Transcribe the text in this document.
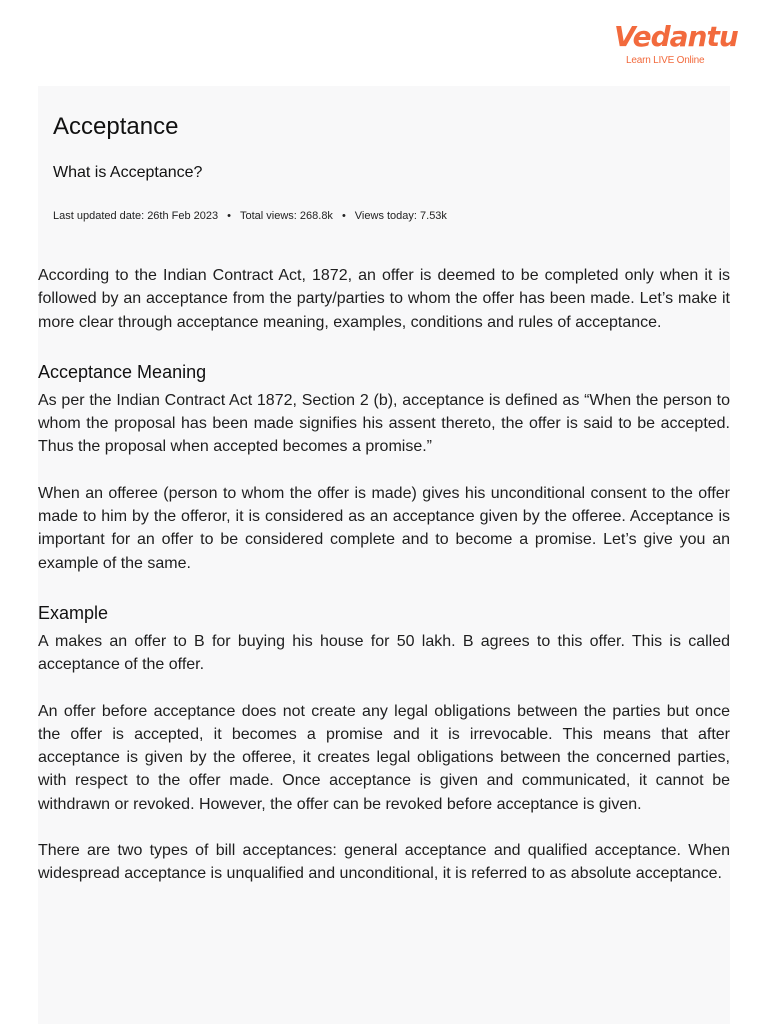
Vedantu
Learn LIVE Online
Acceptance
What is Acceptance?
Last updated date: 26th Feb 2023 • Total views: 268.8k • Views today: 7.53k

According to the Indian Contract Act, 1872, an offer is deemed to be completed only when it is followed by an acceptance from the party/parties to whom the offer has been made. Let’s make it more clear through acceptance meaning, examples, conditions and rules of acceptance.

Acceptance Meaning

As per the Indian Contract Act 1872, Section 2 (b), acceptance is defined as “When the person to whom the proposal has been made signifies his assent thereto, the offer is said to be accepted. Thus the proposal when accepted becomes a promise.”

When an offeree (person to whom the offer is made) gives his unconditional consent to the offer made to him by the offeror, it is considered as an acceptance given by the offeree. Acceptance is important for an offer to be considered complete and to become a promise. Let’s give you an example of the same.

Example

A makes an offer to B for buying his house for 50 lakh. B agrees to this offer. This is called acceptance of the offer.

An offer before acceptance does not create any legal obligations between the parties but once the offer is accepted, it becomes a promise and it is irrevocable. This means that after acceptance is given by the offeree, it creates legal obligations between the concerned parties, with respect to the offer made. Once acceptance is given and communicated, it cannot be withdrawn or revoked. However, the offer can be revoked before acceptance is given.

There are two types of bill acceptances: general acceptance and qualified acceptance. When widespread acceptance is unqualified and unconditional, it is referred to as absolute acceptance.
